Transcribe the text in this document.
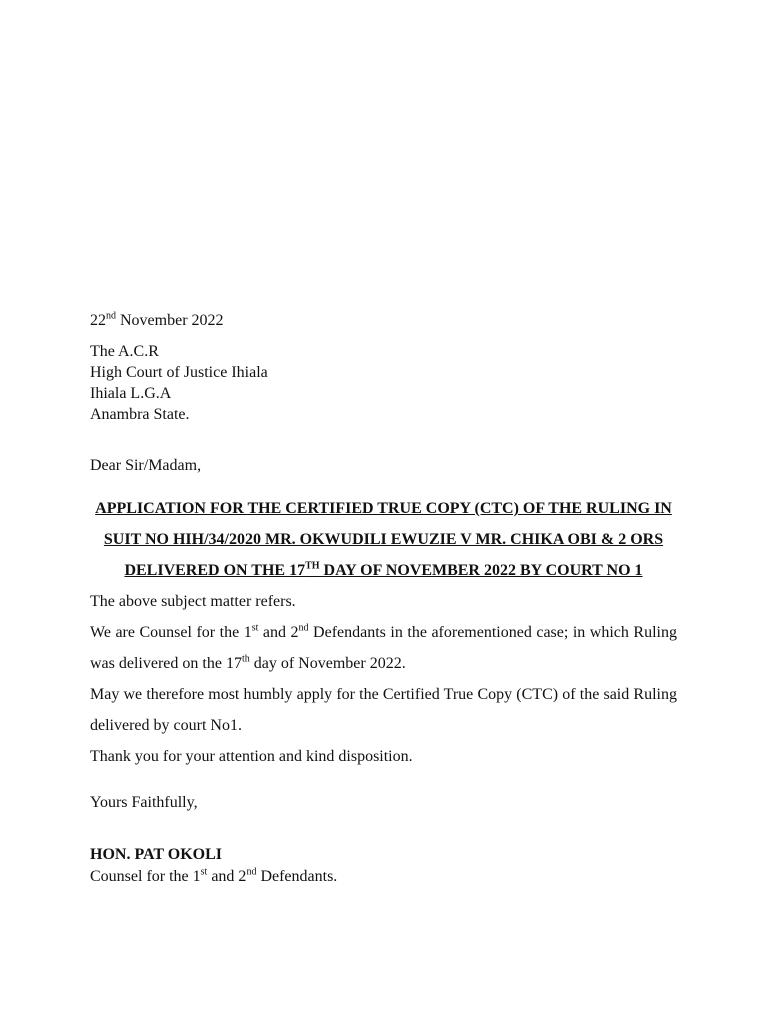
22nd November 2022

The A.C.R

High Court of Justice Ihiala

Ihiala L.G.A

Anambra State.

Dear Sir/Madam,

APPLICATION FOR THE CERTIFIED TRUE COPY (CTC) OF THE RULING IN SUIT NO HIH/34/2020 MR. OKWUDILI EWUZIE V MR. CHIKA OBI & 2 ORS DELIVERED ON THE 17TH DAY OF NOVEMBER 2022 BY COURT NO 1

The above subject matter refers.

We are Counsel for the 1st and 2nd Defendants in the aforementioned case; in which Ruling was delivered on the 17th day of November 2022.

May we therefore most humbly apply for the Certified True Copy (CTC) of the said Ruling delivered by court No1.

Thank you for your attention and kind disposition.

Yours Faithfully,

HON. PAT OKOLI

Counsel for the 1st and 2nd Defendants.
